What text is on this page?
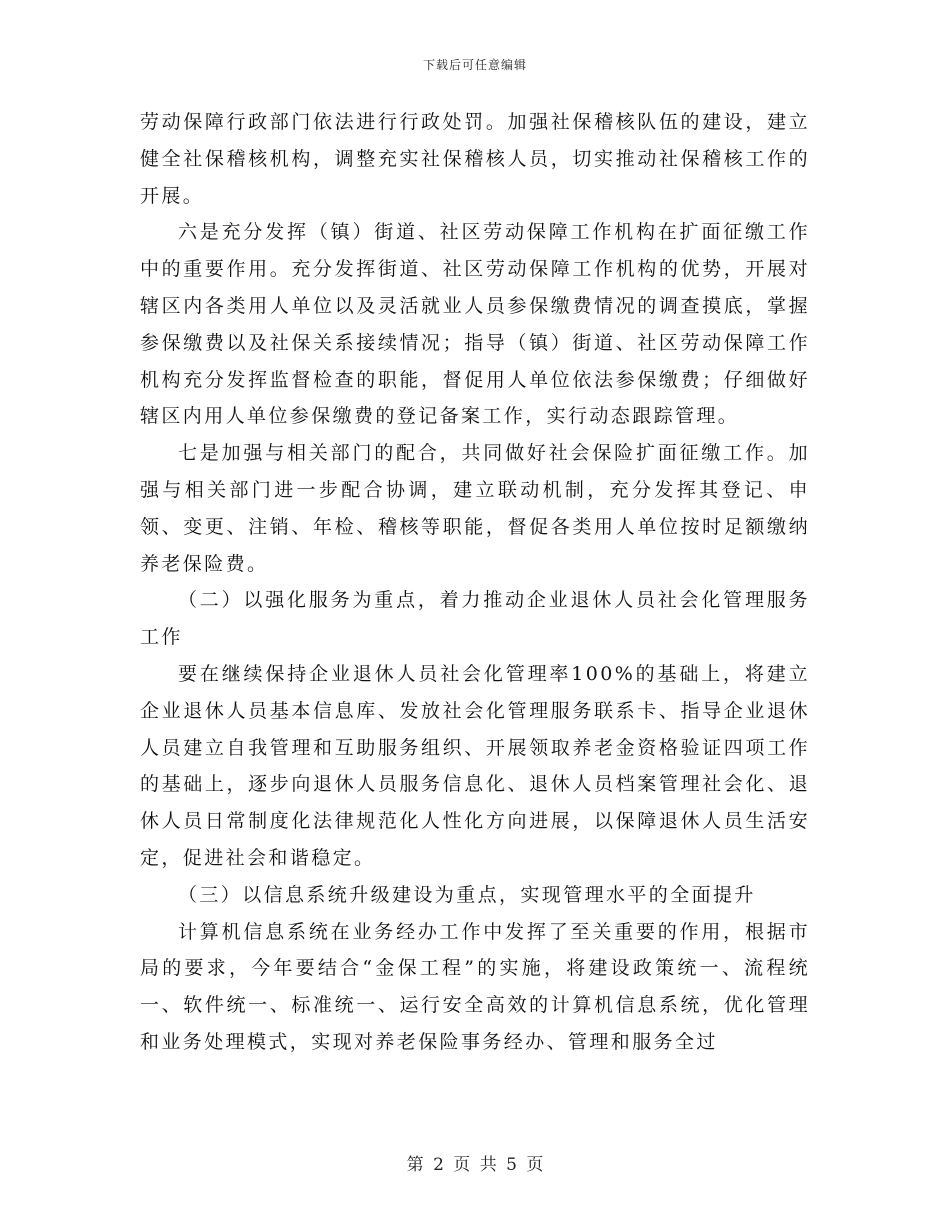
下载后可任意编辑

劳动保障行政部门依法进行行政处罚。加强社保稽核队伍的建设，建立健全社保稽核机构，调整充实社保稽核人员，切实推动社保稽核工作的开展。

六是充分发挥（镇）街道、社区劳动保障工作机构在扩面征缴工作中的重要作用。充分发挥街道、社区劳动保障工作机构的优势，开展对辖区内各类用人单位以及灵活就业人员参保缴费情况的调查摸底，掌握参保缴费以及社保关系接续情况；指导（镇）街道、社区劳动保障工作机构充分发挥监督检查的职能，督促用人单位依法参保缴费；仔细做好辖区内用人单位参保缴费的登记备案工作，实行动态跟踪管理。

七是加强与相关部门的配合，共同做好社会保险扩面征缴工作。加强与相关部门进一步配合协调，建立联动机制，充分发挥其登记、申领、变更、注销、年检、稽核等职能，督促各类用人单位按时足额缴纳养老保险费。

（二）以强化服务为重点，着力推动企业退休人员社会化管理服务工作

要在继续保持企业退休人员社会化管理率100%的基础上，将建立企业退休人员基本信息库、发放社会化管理服务联系卡、指导企业退休人员建立自我管理和互助服务组织、开展领取养老金资格验证四项工作的基础上，逐步向退休人员服务信息化、退休人员档案管理社会化、退休人员日常制度化法律规范化人性化方向进展，以保障退休人员生活安定，促进社会和谐稳定。

（三）以信息系统升级建设为重点，实现管理水平的全面提升

计算机信息系统在业务经办工作中发挥了至关重要的作用，根据市局的要求，今年要结合“金保工程”的实施，将建设政策统一、流程统一、软件统一、标准统一、运行安全高效的计算机信息系统，优化管理和业务处理模式，实现对养老保险事务经办、管理和服务全过

第 2 页 共 5 页
